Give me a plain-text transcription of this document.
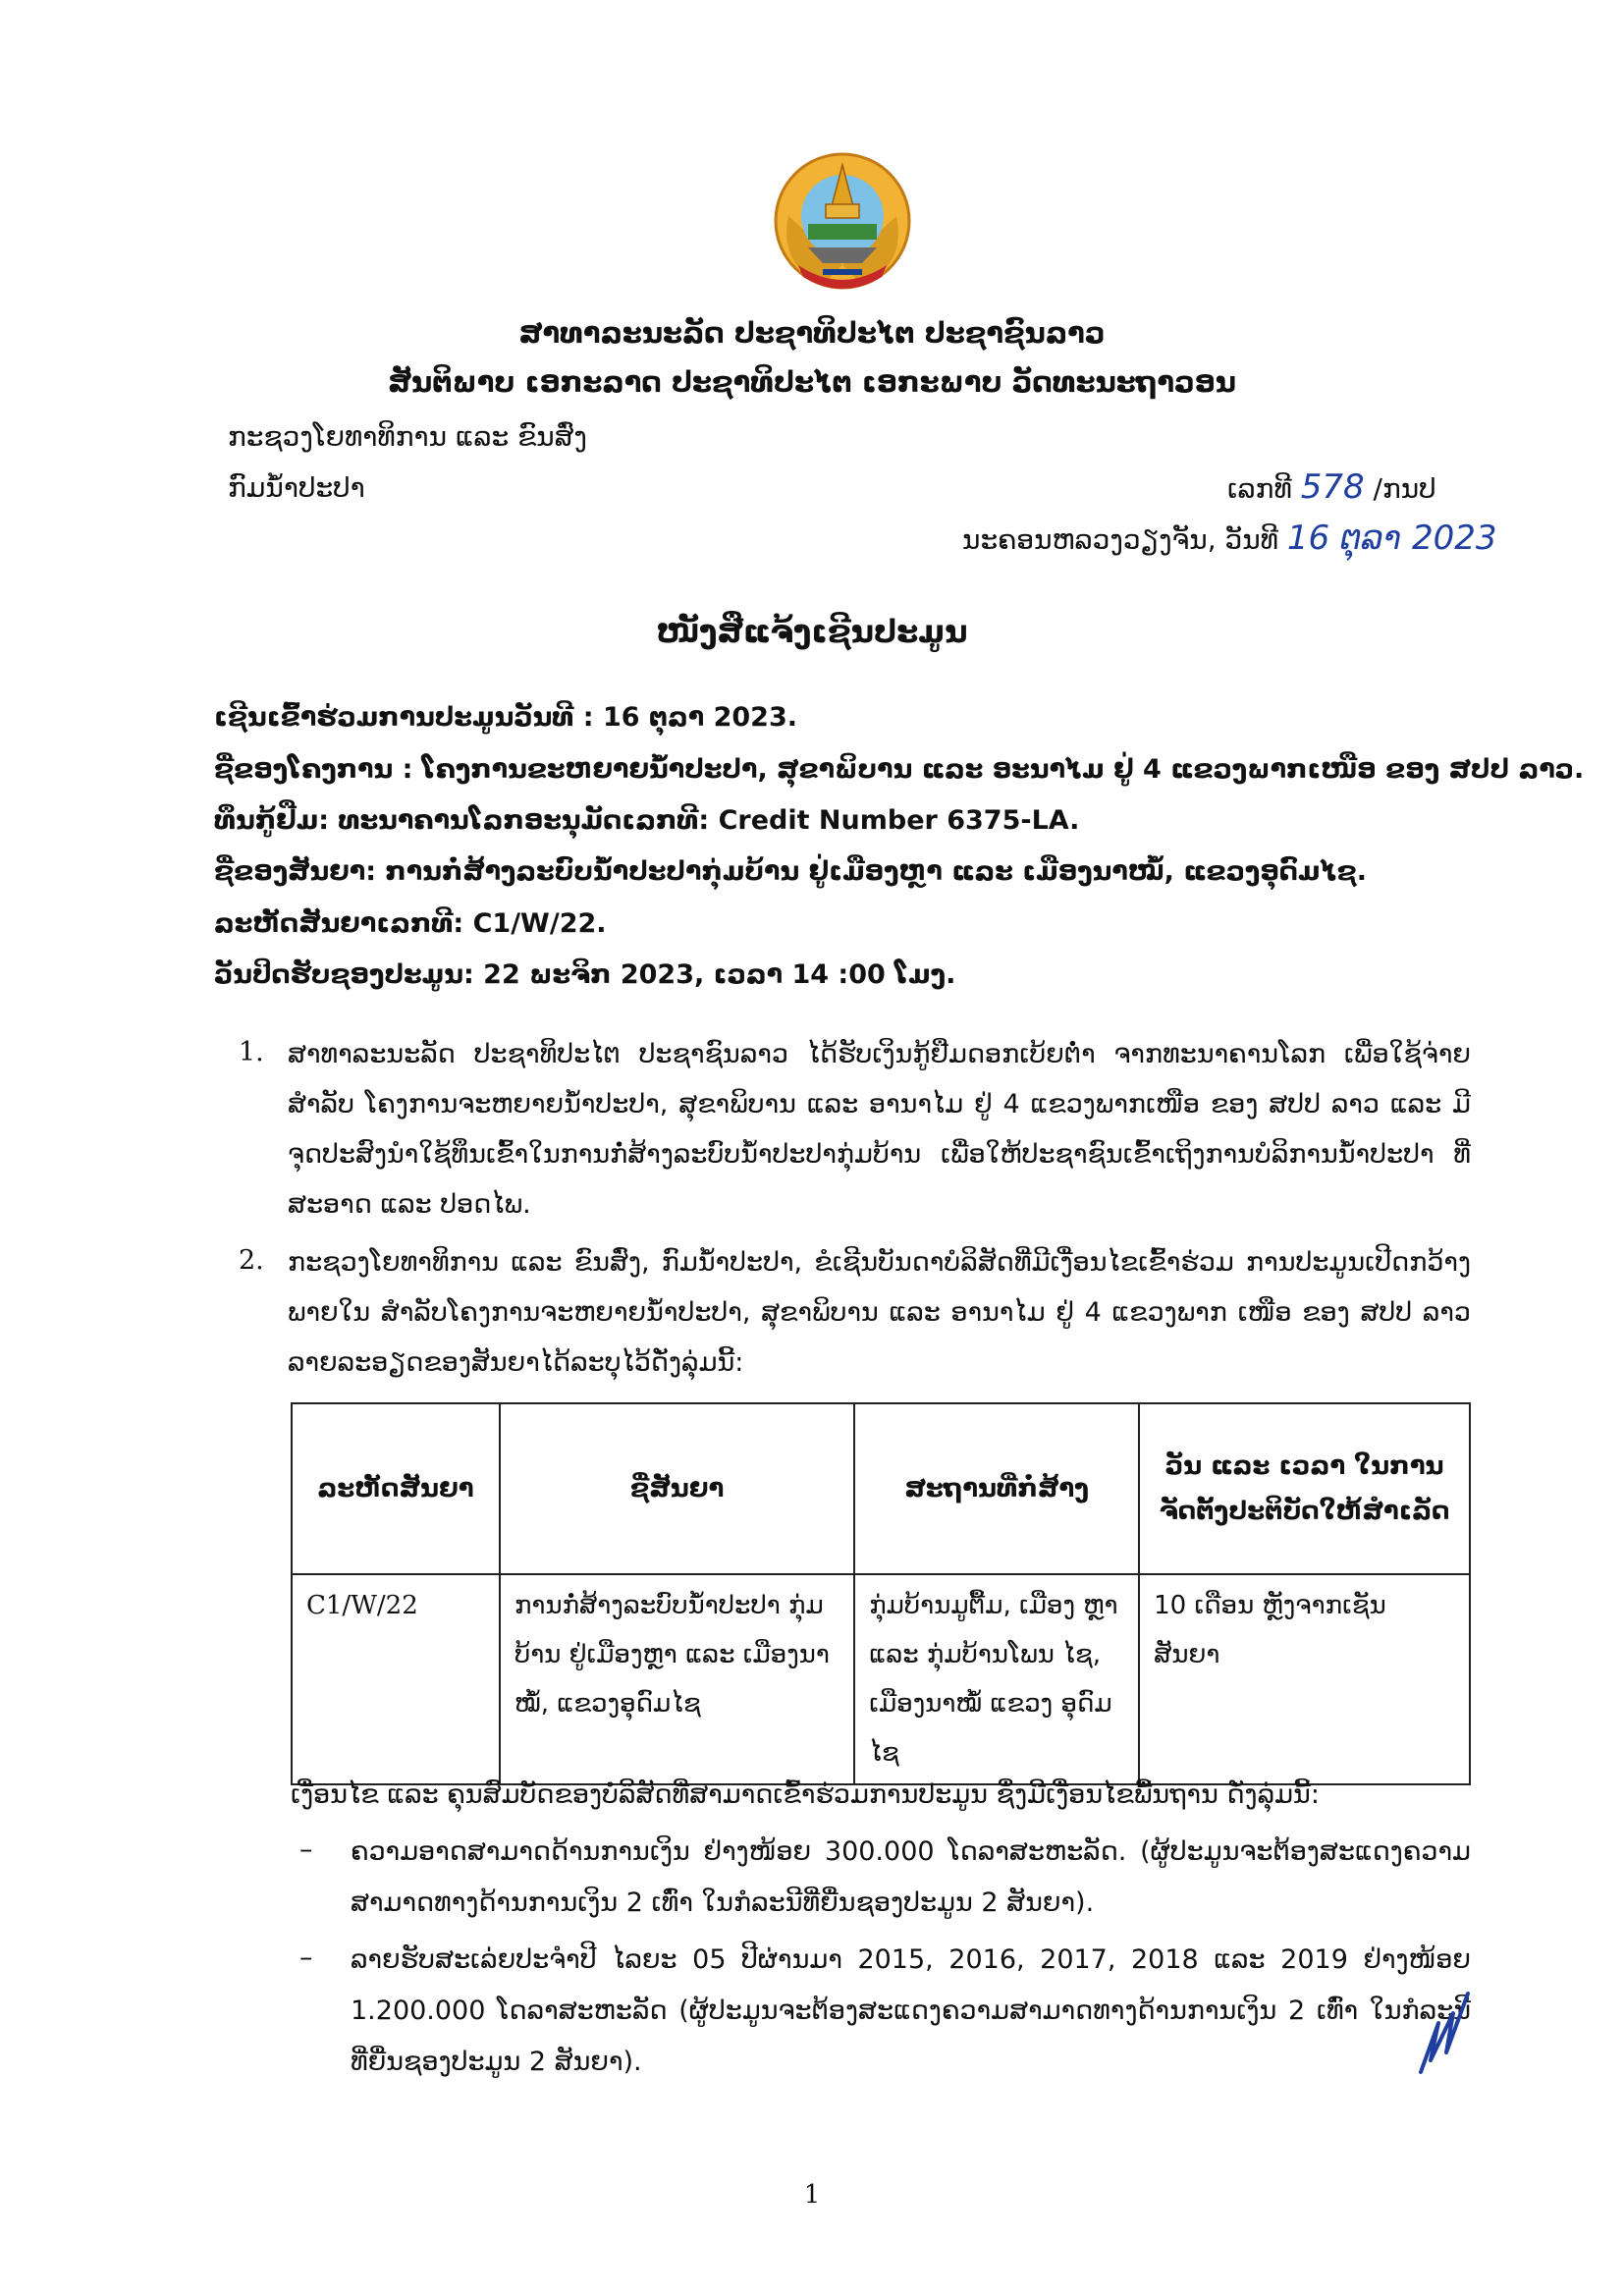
ສາທາລະນະລັດ ປະຊາທິປະໄຕ ປະຊາຊົນລາວ
ສັນຕິພາບ ເອກະລາດ ປະຊາທິປະໄຕ ເອກະພາບ ວັດທະນະຖາວອນ
ກະຊວງໂຍທາທິການ ແລະ ຂົນສົ່ງ
ກົມນ້ຳປະປາ	ເລກທີ 578 /ກນປ
ນະຄອນຫລວງວຽງຈັນ, ວັນທີ 16 ຕຸລາ 2023
ໜັງສືແຈ້ງເຊີນປະມູນ
ເຊີນເຂົ້າຮ່ວມການປະມູນວັນທີ : 16 ຕຸລາ 2023.
ຊື່ຂອງໂຄງການ : ໂຄງການຂະຫຍາຍນ້ຳປະປາ, ສຸຂາພິບານ ແລະ ອະນາໄມ ຢູ່ 4 ແຂວງພາກເໜືອ ຂອງ ສປປ ລາວ.
ທຶນກູ້ຢືມ: ທະນາຄານໂລກອະນຸມັດເລກທີ: Credit Number 6375-LA.
ຊື່ຂອງສັນຍາ: ການກໍ່ສ້າງລະບົບນ້ຳປະປາກຸ່ມບ້ານ ຢູ່ເມືອງຫຼາ ແລະ ເມືອງນາໝໍ້, ແຂວງອຸດົມໄຊ.
ລະຫັດສັນຍາເລກທີ: C1/W/22.
ວັນປິດຮັບຊອງປະມູນ: 22 ພະຈິກ 2023, ເວລາ 14 :00 ໂມງ.
1. ສາທາລະນະລັດ ປະຊາທິປະໄຕ ປະຊາຊົນລາວ ໄດ້ຮັບເງິນກູ້ຢືມດອກເບ້ຍຕ່ຳ ຈາກທະນາຄານໂລກ ເພື່ອໃຊ້ຈ່າຍສຳລັບ ໂຄງການຈະຫຍາຍນ້ຳປະປາ, ສຸຂາພິບານ ແລະ ອານາໄມ ຢູ່ 4 ແຂວງພາກເໜືອ ຂອງ ສປປ ລາວ ແລະ ມີຈຸດປະສົງນຳໃຊ້ທຶນເຂົ້າໃນການກໍ່ສ້າງລະບົບນ້ຳປະປາກຸ່ມບ້ານ ເພື່ອໃຫ້ປະຊາຊົນເຂົ້າເຖິງການບໍລິການນ້ຳປະປາ ທີ່ສະອາດ ແລະ ປອດໄພ.
2. ກະຊວງໂຍທາທິການ ແລະ ຂົນສົ່ງ, ກົມນ້ຳປະປາ, ຂໍເຊີນບັນດາບໍລິສັດທີ່ມີເງື່ອນໄຂເຂົ້າຮ່ວມ ການປະມູນເປີດກວ້າງພາຍໃນ ສຳລັບໂຄງການຈະຫຍາຍນ້ຳປະປາ, ສຸຂາພິບານ ແລະ ອານາໄມ ຢູ່ 4 ແຂວງພາກ ເໜືອ ຂອງ ສປປ ລາວ ລາຍລະອຽດຂອງສັນຍາໄດ້ລະບຸໄວ້ດັ່ງລຸ່ມນີ້:
ລະຫັດສັນຍາ	ຊື່ສັນຍາ	ສະຖານທີ່ກໍ່ສ້າງ	ວັນ ແລະ ເວລາ ໃນການຈັດຕັ້ງປະຕິບັດໃຫ້ສຳເລັດ
C1/W/22	ການກໍ່ສ້າງລະບົບນ້ຳປະປາ ກຸ່ມບ້ານ ຢູ່ເມືອງຫຼາ ແລະ ເມືອງນາໝໍ້, ແຂວງອຸດົມໄຊ	ກຸ່ມບ້ານມູຕື້ມ, ເມືອງ ຫຼາ ແລະ ກຸ່ມບ້ານໂພນ ໄຊ, ເມືອງນາໝໍ້ ແຂວງ ອຸດົມໄຊ	10 ເດືອນ ຫຼັງຈາກເຊັນ ສັນຍາ
ເງື່ອນໄຂ ແລະ ຄຸນສົມບັດຂອງບໍລິສັດທີ່ສາມາດເຂົ້າຮ່ວມການປະມູນ ຊຶ່ງມີເງື່ອນໄຂພື້ນຖານ ດັ່ງລຸ່ມນີ້:
– ຄວາມອາດສາມາດດ້ານການເງິນ ຢ່າງໜ້ອຍ 300.000 ໂດລາສະຫະລັດ. (ຜູ້ປະມູນຈະຕ້ອງສະແດງຄວາມສາມາດທາງດ້ານການເງິນ 2 ເທົ່າ ໃນກໍລະນີທີ່ຍື່ນຊອງປະມູນ 2 ສັນຍາ).
– ລາຍຮັບສະເລ່ຍປະຈຳປີ ໄລຍະ 05 ປີຜ່ານມາ 2015, 2016, 2017, 2018 ແລະ 2019 ຢ່າງໜ້ອຍ 1.200.000 ໂດລາສະຫະລັດ (ຜູ້ປະມູນຈະຕ້ອງສະແດງຄວາມສາມາດທາງດ້ານການເງິນ 2 ເທົ່າ ໃນກໍລະນີທີ່ຍື່ນຊອງປະມູນ 2 ສັນຍາ).
1
